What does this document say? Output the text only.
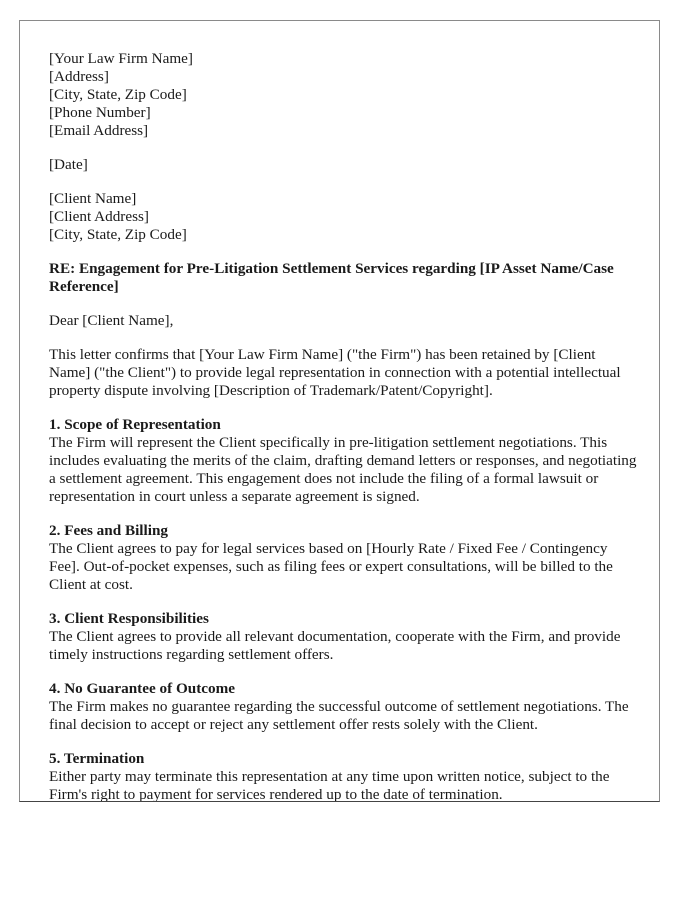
[Your Law Firm Name]
[Address]
[City, State, Zip Code]
[Phone Number]
[Email Address]
[Date]
[Client Name]
[Client Address]
[City, State, Zip Code]

RE: Engagement for Pre-Litigation Settlement Services regarding [IP Asset Name/Case Reference]

Dear [Client Name],

This letter confirms that [Your Law Firm Name] ("the Firm") has been retained by [Client Name] ("the Client") to provide legal representation in connection with a potential intellectual property dispute involving [Description of Trademark/Patent/Copyright].

1. Scope of Representation
The Firm will represent the Client specifically in pre-litigation settlement negotiations. This includes evaluating the merits of the claim, drafting demand letters or responses, and negotiating a settlement agreement. This engagement does not include the filing of a formal lawsuit or representation in court unless a separate agreement is signed.
2. Fees and Billing
The Client agrees to pay for legal services based on [Hourly Rate / Fixed Fee / Contingency Fee]. Out-of-pocket expenses, such as filing fees or expert consultations, will be billed to the Client at cost.
3. Client Responsibilities
The Client agrees to provide all relevant documentation, cooperate with the Firm, and provide timely instructions regarding settlement offers.
4. No Guarantee of Outcome
The Firm makes no guarantee regarding the successful outcome of settlement negotiations. The final decision to accept or reject any settlement offer rests solely with the Client.
5. Termination
Either party may terminate this representation at any time upon written notice, subject to the Firm's right to payment for services rendered up to the date of termination.
